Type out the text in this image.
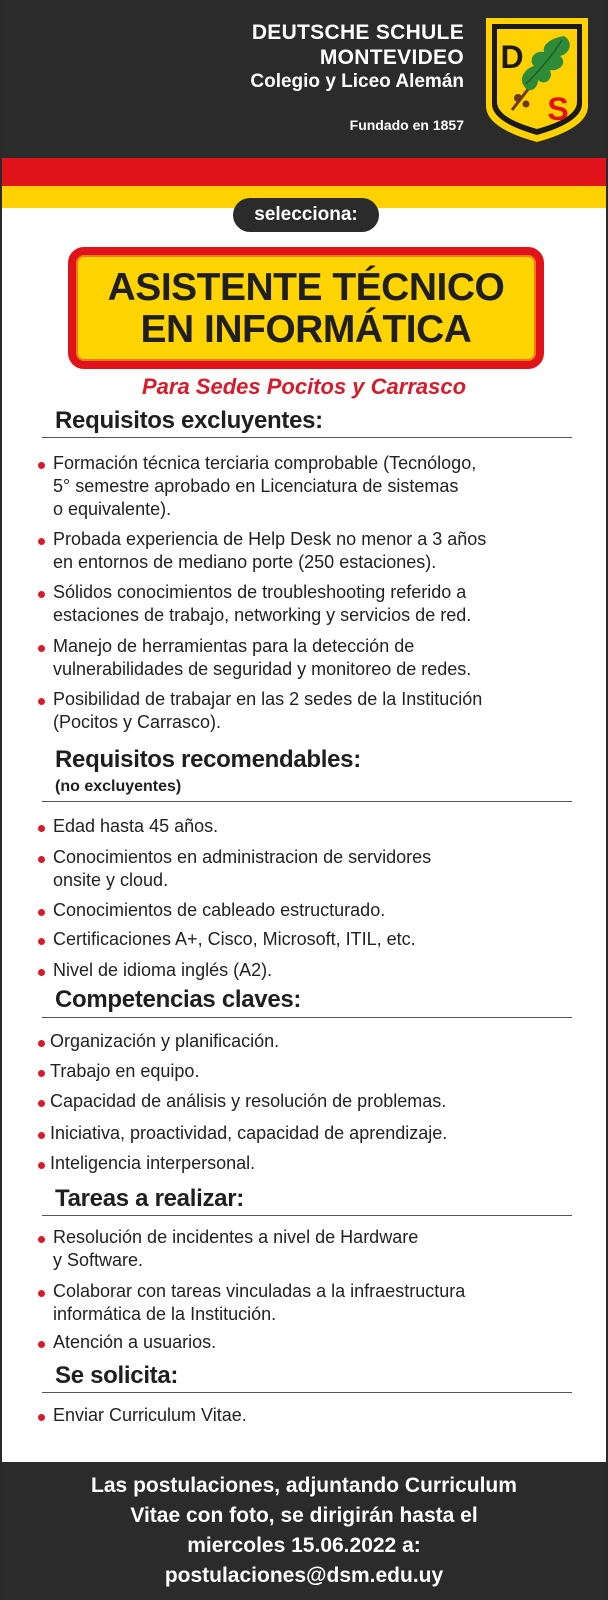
DEUTSCHE SCHULE
MONTEVIDEO
Colegio y Liceo Alemán
Fundado en 1857
D
S
selecciona:
ASISTENTE TÉCNICO
EN INFORMÁTICA
Para Sedes Pocitos y Carrasco
Requisitos excluyentes:
Formación técnica terciaria comprobable (Tecnólogo,
5° semestre aprobado en Licenciatura de sistemas
o equivalente).
Probada experiencia de Help Desk no menor a 3 años
en entornos de mediano porte (250 estaciones).
Sólidos conocimientos de troubleshooting referido a
estaciones de trabajo, networking y servicios de red.
Manejo de herramientas para la detección de
vulnerabilidades de seguridad y monitoreo de redes.
Posibilidad de trabajar en las 2 sedes de la Institución
(Pocitos y Carrasco).
Requisitos recomendables:
(no excluyentes)
Edad hasta 45 años.
Conocimientos en administracion de servidores
onsite y cloud.
Conocimientos de cableado estructurado.
Certificaciones A+, Cisco, Microsoft, ITIL, etc.
Nivel de idioma inglés (A2).
Competencias claves:
Organización y planificación.
Trabajo en equipo.
Capacidad de análisis y resolución de problemas.
Iniciativa, proactividad, capacidad de aprendizaje.
Inteligencia interpersonal.
Tareas a realizar:
Resolución de incidentes a nivel de Hardware
y Software.
Colaborar con tareas vinculadas a la infraestructura
informática de la Institución.
Atención a usuarios.
Se solicita:
Enviar Curriculum Vitae.
Las postulaciones, adjuntando Curriculum
Vitae con foto, se dirigirán hasta el
miercoles 15.06.2022 a:
postulaciones@dsm.edu.uy
